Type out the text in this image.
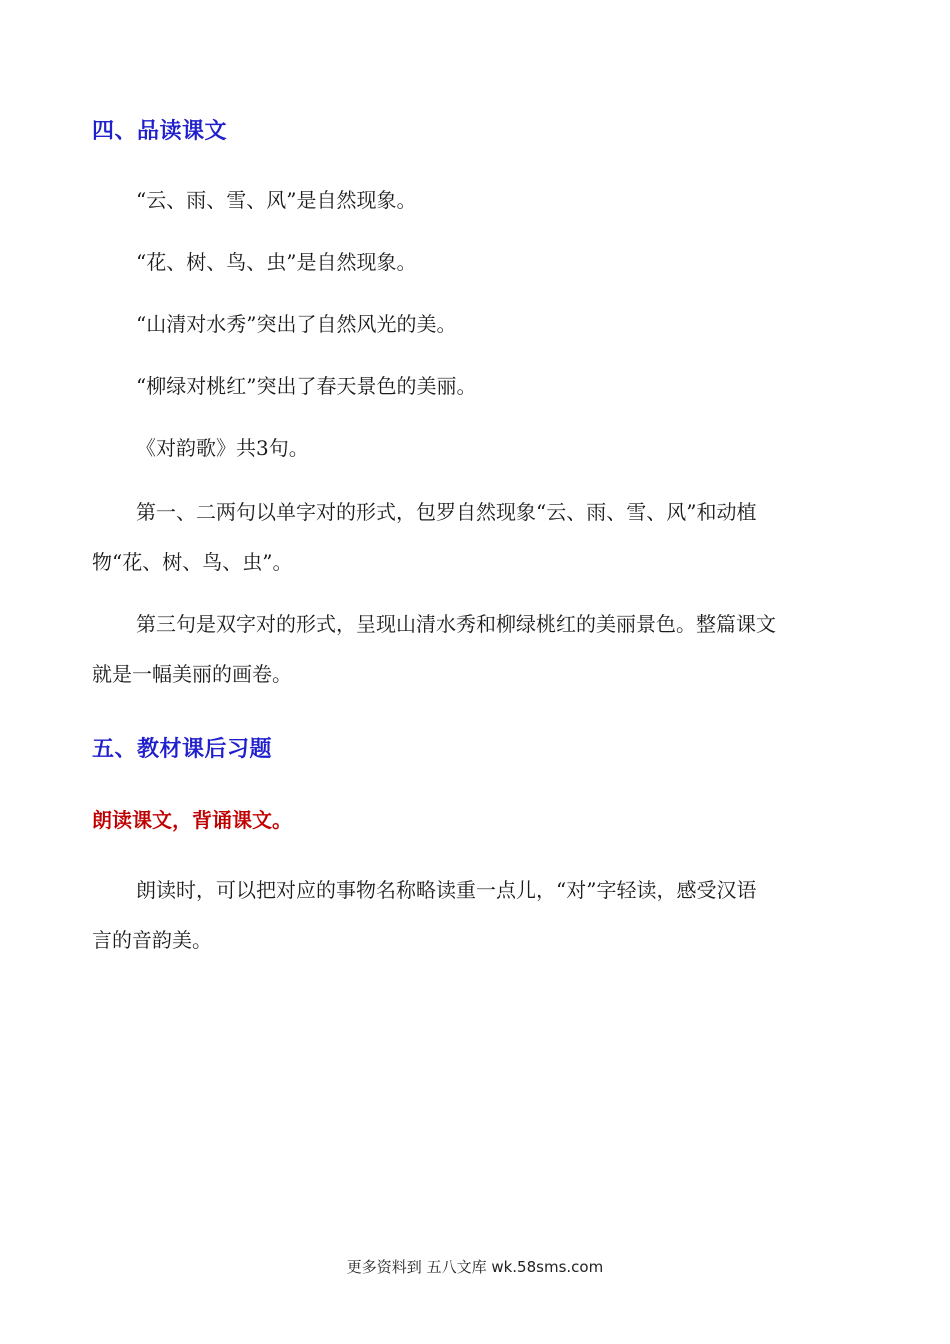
四、品读课文
“云、雨、雪、风”是自然现象。
“花、树、鸟、虫”是自然现象。
“山清对水秀”突出了自然风光的美。
“柳绿对桃红”突出了春天景色的美丽。
《对韵歌》共3句。
第一、二两句以单字对的形式，包罗自然现象“云、雨、雪、风”和动植
物“花、树、鸟、虫”。
第三句是双字对的形式，呈现山清水秀和柳绿桃红的美丽景色。整篇课文
就是一幅美丽的画卷。
五、教材课后习题
朗读课文，背诵课文。
朗读时，可以把对应的事物名称略读重一点儿，“对”字轻读，感受汉语
言的音韵美。
更多资料到 五八文库 wk.58sms.com
